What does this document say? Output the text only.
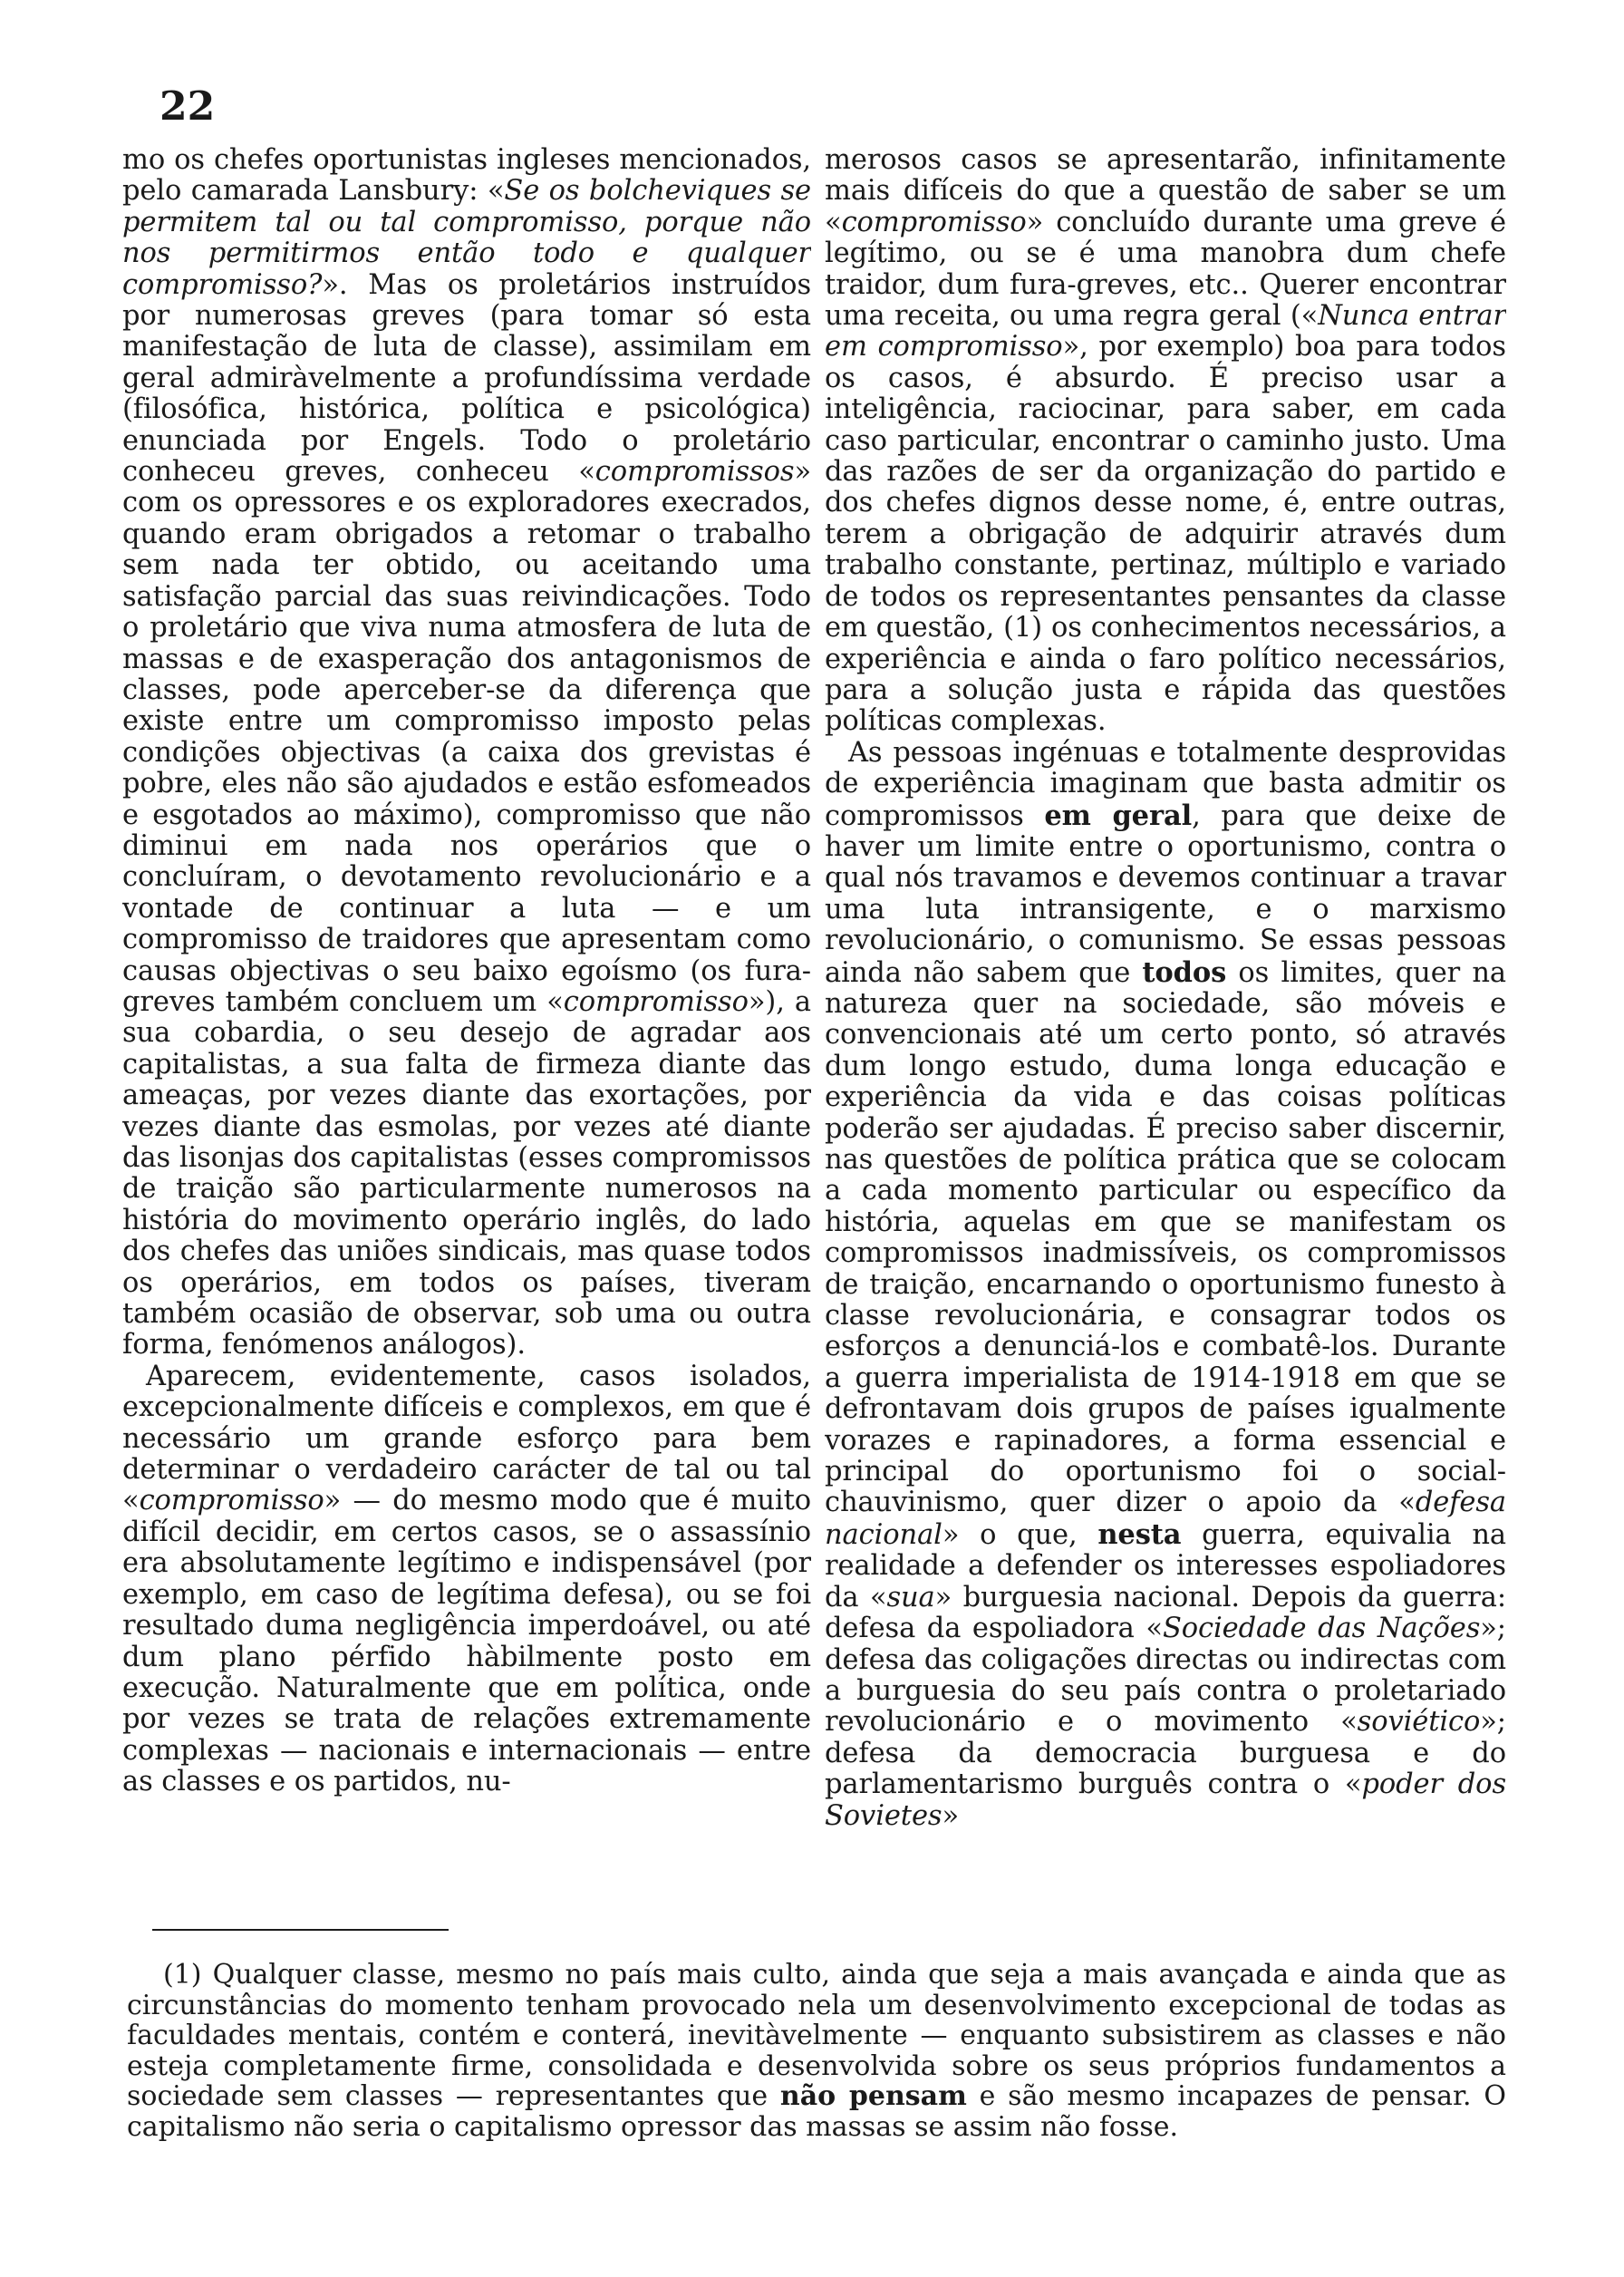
22

mo os chefes oportunistas ingleses mencionados, pelo camarada Lansbury: «Se os bolcheviques se permitem tal ou tal compromisso, porque não nos permitirmos então todo e qualquer compromisso?». Mas os proletários instruídos por numerosas greves (para tomar só esta manifestação de luta de classe), assimilam em geral admiràvelmente a profundíssima verdade (filosófica, histórica, política e psicológica) enunciada por Engels. Todo o proletário conheceu greves, conheceu «compromissos» com os opressores e os exploradores execrados, quando eram obrigados a retomar o trabalho sem nada ter obtido, ou aceitando uma satisfação parcial das suas reivindicações. Todo o proletário que viva numa atmosfera de luta de massas e de exasperação dos antagonismos de classes, pode aperceber-se da diferença que existe entre um compromisso imposto pelas condições objectivas (a caixa dos grevistas é pobre, eles não são ajudados e estão esfomeados e esgotados ao máximo), compromisso que não diminui em nada nos operários que o concluíram, o devotamento revolucionário e a vontade de continuar a luta — e um compromisso de traidores que apresentam como causas objectivas o seu baixo egoísmo (os fura-greves também concluem um «compromisso»), a sua cobardia, o seu desejo de agradar aos capitalistas, a sua falta de firmeza diante das ameaças, por vezes diante das exortações, por vezes diante das esmolas, por vezes até diante das lisonjas dos capitalistas (esses compromissos de traição são particularmente numerosos na história do movimento operário inglês, do lado dos chefes das uniões sindicais, mas quase todos os operários, em todos os países, tiveram também ocasião de observar, sob uma ou outra forma, fenómenos análogos).

Aparecem, evidentemente, casos isolados, excepcionalmente difíceis e complexos, em que é necessário um grande esforço para bem determinar o verdadeiro carácter de tal ou tal «compromisso» — do mesmo modo que é muito difícil decidir, em certos casos, se o assassínio era absolutamente legítimo e indispensável (por exemplo, em caso de legítima defesa), ou se foi resultado duma negligência imperdoável, ou até dum plano pérfido hàbilmente posto em execução. Naturalmente que em política, onde por vezes se trata de relações extremamente complexas — nacionais e internacionais — entre as classes e os partidos, nu-

merosos casos se apresentarão, infinitamente mais difíceis do que a questão de saber se um «compromisso» concluído durante uma greve é legítimo, ou se é uma manobra dum chefe traidor, dum fura-greves, etc.. Querer encontrar uma receita, ou uma regra geral («Nunca entrar em compromisso», por exemplo) boa para todos os casos, é absurdo. É preciso usar a inteligência, raciocinar, para saber, em cada caso particular, encontrar o caminho justo. Uma das razões de ser da organização do partido e dos chefes dignos desse nome, é, entre outras, terem a obrigação de adquirir através dum trabalho constante, pertinaz, múltiplo e variado de todos os representantes pensantes da classe em questão, (1) os conhecimentos necessários, a experiência e ainda o faro político necessários, para a solução justa e rápida das questões políticas complexas.

As pessoas ingénuas e totalmente desprovidas de experiência imaginam que basta admitir os compromissos em geral, para que deixe de haver um limite entre o oportunismo, contra o qual nós travamos e devemos continuar a travar uma luta intransigente, e o marxismo revolucionário, o comunismo. Se essas pessoas ainda não sabem que todos os limites, quer na natureza quer na sociedade, são móveis e convencionais até um certo ponto, só através dum longo estudo, duma longa educação e experiência da vida e das coisas políticas poderão ser ajudadas. É preciso saber discernir, nas questões de política prática que se colocam a cada momento particular ou específico da história, aquelas em que se manifestam os compromissos inadmissíveis, os compromissos de traição, encarnando o oportunismo funesto à classe revolucionária, e consagrar todos os esforços a denunciá-los e combatê-los. Durante a guerra imperialista de 1914-1918 em que se defrontavam dois grupos de países igualmente vorazes e rapinadores, a forma essencial e principal do oportunismo foi o social-chauvinismo, quer dizer o apoio da «defesa nacional» o que, nesta guerra, equivalia na realidade a defender os interesses espoliadores da «sua» burguesia nacional. Depois da guerra: defesa da espoliadora «Sociedade das Nações»; defesa das coligações directas ou indirectas com a burguesia do seu país contra o proletariado revolucionário e o movimento «soviético»; defesa da democracia burguesa e do parlamentarismo burguês contra o «poder dos Sovietes»

(1) Qualquer classe, mesmo no país mais culto, ainda que seja a mais avançada e ainda que as circunstâncias do momento tenham provocado nela um desenvolvimento excepcional de todas as faculdades mentais, contém e conterá, inevitàvelmente — enquanto subsistirem as classes e não esteja completamente firme, consolidada e desenvolvida sobre os seus próprios fundamentos a sociedade sem classes — representantes que não pensam e são mesmo incapazes de pensar. O capitalismo não seria o capitalismo opressor das massas se assim não fosse.
